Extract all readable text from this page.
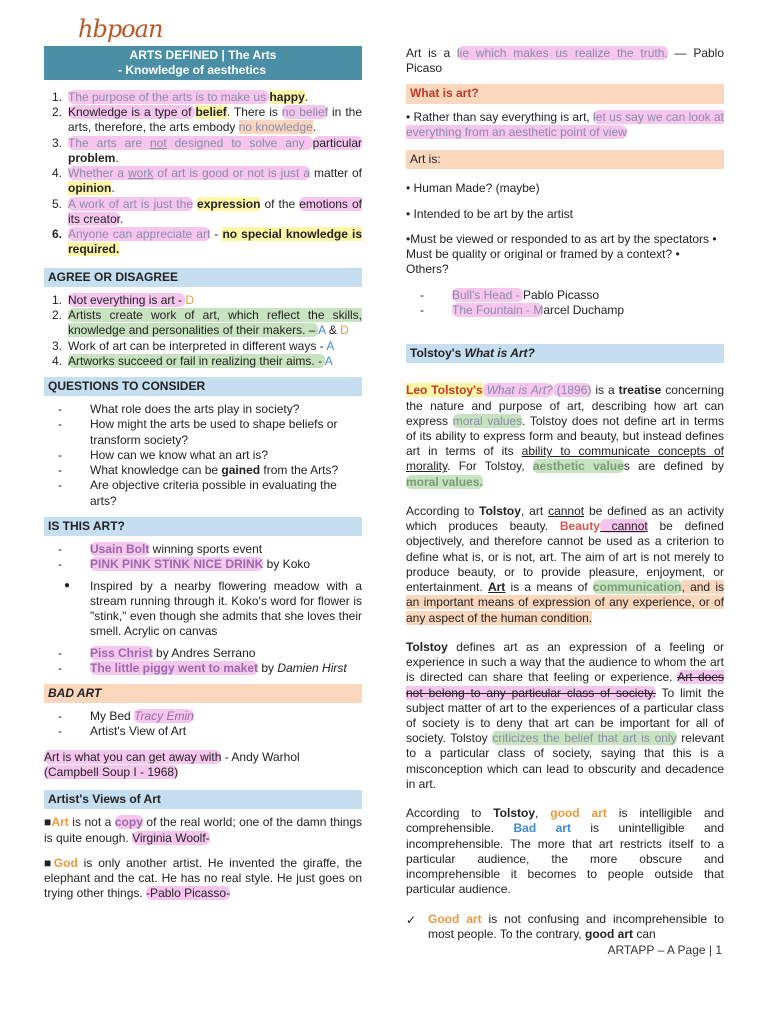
hbpoan
ARTS DEFINED | The Arts
- Knowledge of aesthetics
1. The purpose of the arts is to make us happy.
2. Knowledge is a type of belief. There is no belief in the arts, therefore, the arts embody no knowledge.
3. The arts are not designed to solve any particular problem.
4. Whether a work of art is good or not is just a matter of opinion.
5. A work of art is just the expression of the emotions of its creator.
6. Anyone can appreciate art - no special knowledge is required.
AGREE OR DISAGREE
1. Not everything is art - D
2. Artists create work of art, which reflect the skills, knowledge and personalities of their makers. – A & D
3. Work of art can be interpreted in different ways - A
4. Artworks succeed or fail in realizing their aims. - A
QUESTIONS TO CONSIDER
-	What role does the arts play in society?
-	How might the arts be used to shape beliefs or transform society?
-	How can we know what an art is?
-	What knowledge can be gained from the Arts?
-	Are objective criteria possible in evaluating the arts?
IS THIS ART?
-	Usain Bolt winning sports event
-	PINK PINK STINK NICE DRINK by Koko
●	Inspired by a nearby flowering meadow with a stream running through it. Koko's word for flower is "stink," even though she admits that she loves their smell. Acrylic on canvas
-	Piss Christ by Andres Serrano
-	The little piggy went to maket by Damien Hirst
BAD ART
-	My Bed Tracy Emin
-	Artist's View of Art

Art is what you can get away with - Andy Warhol
(Campbell Soup I - 1968)

Artist's Views of Art

■Art is not a copy of the real world; one of the damn things is quite enough. Virginia Woolf-

■God is only another artist. He invented the giraffe, the elephant and the cat. He has no real style. He just goes on trying other things. -Pablo Picasso-

Art is a lie which makes us realize the truth. — Pablo Picaso

What is art?

• Rather than say everything is art, let us say we can look at everything from an aesthetic point of view

Art is:

• Human Made? (maybe)

• Intended to be art by the artist

•Must be viewed or responded to as art by the spectators • Must be quality or original or framed by a context? • Others?

-	Bull's Head - Pablo Picasso
-	The Fountain - Marcel Duchamp
Tolstoy's What is Art?

Leo Tolstoy's What is Art? (1896) is a treatise concerning the nature and purpose of art, describing how art can express moral values. Tolstoy does not define art in terms of its ability to express form and beauty, but instead defines art in terms of its ability to communicate concepts of morality. For Tolstoy, aesthetic values are defined by moral values.

According to Tolstoy, art cannot be defined as an activity which produces beauty. Beauty cannot be defined objectively, and therefore cannot be used as a criterion to define what is, or is not, art. The aim of art is not merely to produce beauty, or to provide pleasure, enjoyment, or entertainment. Art is a means of communication, and is an important means of expression of any experience, or of any aspect of the human condition.

Tolstoy defines art as an expression of a feeling or experience in such a way that the audience to whom the art is directed can share that feeling or experience. Art does not belong to any particular class of society. To limit the subject matter of art to the experiences of a particular class of society is to deny that art can be important for all of society. Tolstoy criticizes the belief that art is only relevant to a particular class of society, saying that this is a misconception which can lead to obscurity and decadence in art.

According to Tolstoy, good art is intelligible and comprehensible. Bad art is unintelligible and incomprehensible. The more that art restricts itself to a particular audience, the more obscure and incomprehensible it becomes to people outside that particular audience.

✓ Good art is not confusing and incomprehensible to most people. To the contrary, good art can
ARTAPP – A Page | 1
